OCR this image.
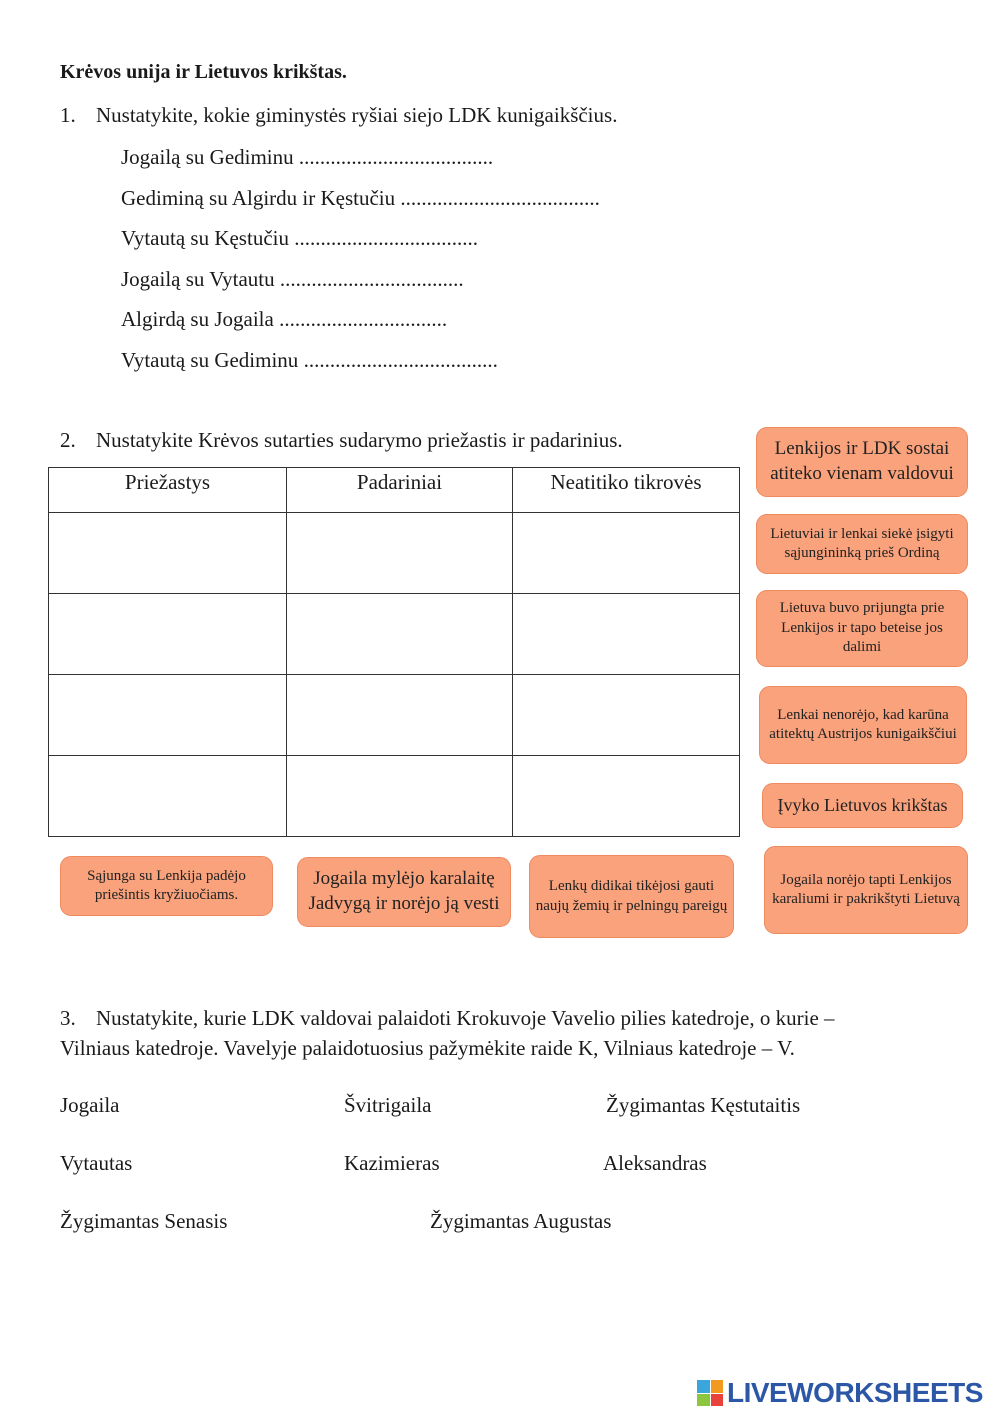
Krėvos unija ir Lietuvos krikštas.
1. Nustatykite, kokie giminystės ryšiai siejo LDK kunigaikščius.
Jogailą su Gediminu .....................................
Gediminą su Algirdu ir Kęstučiu ......................................
Vytautą su Kęstučiu ...................................
Jogailą su Vytautu ...................................
Algirdą su Jogaila ................................
Vytautą su Gediminu .....................................
2. Nustatykite Krėvos sutarties sudarymo priežastis ir padarinius.
Priežastys	Padariniai	Neatitiko tikrovės

Lenkijos ir LDK sostai atiteko vienam valdovui
Lietuviai ir lenkai siekė įsigyti sąjungininką prieš Ordiną
Lietuva buvo prijungta prie Lenkijos ir tapo beteise jos dalimi
Lenkai nenorėjo, kad karūna atitektų Austrijos kunigaikščiui
Įvyko Lietuvos krikštas
Sąjunga su Lenkija padėjo priešintis kryžiuočiams.
Jogaila mylėjo karalaitę Jadvygą ir norėjo ją vesti
Lenkų didikai tikėjosi gauti naujų žemių ir pelningų pareigų
Jogaila norėjo tapti Lenkijos karaliumi ir pakrikštyti Lietuvą
3. Nustatykite, kurie LDK valdovai palaidoti Krokuvoje Vavelio pilies katedroje, o kurie –
Vilniaus katedroje. Vavelyje palaidotuosius pažymėkite raide K, Vilniaus katedroje – V.
Jogaila	Švitrigaila	Žygimantas Kęstutaitis
Vytautas	Kazimieras	Aleksandras
Žygimantas Senasis	Žygimantas Augustas
LIVEWORKSHEETS
